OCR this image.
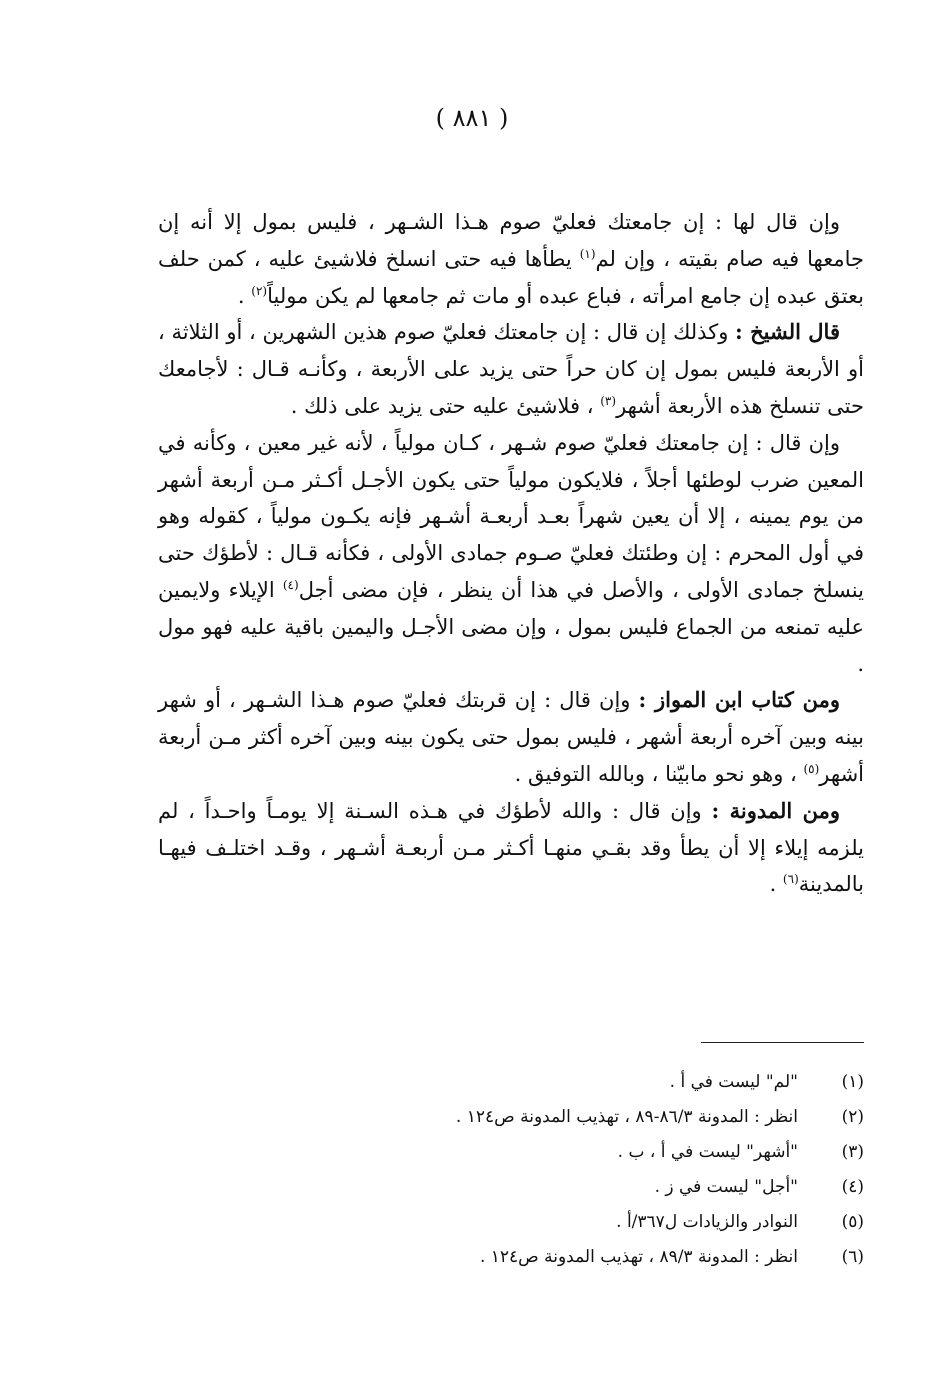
( ٨٨١ )

وإن قال لها : إن جامعتك فعليّ صوم هـذا الشـهر ، فليس بمول إلا أنه إن جامعها فيه صام بقيته ، وإن لم$^{(١)}$ يطأها فيه حتى انسلخ فلاشيئ عليه ، كمن حلف بعتق عبده إن جامع امرأته ، فباع عبده أو مات ثم جامعها لم يكن مولياً$^{(٢)}$ .

قال الشيخ : وكذلك إن قال : إن جامعتك فعليّ صوم هذين الشهرين ، أو الثلاثة ، أو الأربعة فليس بمول إن كان حراً حتى يزيد على الأربعة ، وكأنـه قـال : لأجامعك حتى تنسلخ هذه الأربعة أشهر$^{(٣)}$ ، فلاشيئ عليه حتى يزيد على ذلك .

وإن قال : إن جامعتك فعليّ صوم شـهر ، كـان مولياً ، لأنه غير معين ، وكأنه في المعين ضرب لوطئها أجلاً ، فلايكون مولياً حتى يكون الأجـل أكـثر مـن أربعة أشهر من يوم يمينه ، إلا أن يعين شهراً بعـد أربعـة أشـهر فإنه يكـون مولياً ، كقوله وهو في أول المحرم : إن وطئتك فعليّ صـوم جمادى الأولى ، فكأنه قـال : لأطؤك حتى ينسلخ جمادى الأولى ، والأصل في هذا أن ينظر ، فإن مضى أجل$^{(٤)}$ الإيلاء ولايمين عليه تمنعه من الجماع فليس بمول ، وإن مضى الأجـل واليمين باقية عليه فهو مول .

ومن كتاب ابن المواز : وإن قال : إن قربتك فعليّ صوم هـذا الشـهر ، أو شهر بينه وبين آخره أربعة أشهر ، فليس بمول حتى يكون بينه وبين آخره أكثر مـن أربعة أشهر$^{(٥)}$ ، وهو نحو مابيّنا ، وبالله التوفيق .

ومن المدونة : وإن قال : والله لأطؤك في هـذه السـنة إلا يومـاً واحـداً ، لم يلزمه إيلاء إلا أن يطأ وقد بقـي منهـا أكـثر مـن أربعـة أشـهر ، وقـد اختلـف فيهـا بالمدينة$^{(٦)}$ .

(١)
"لم" ليست في أ .
(٢)
انظر : المدونة ٨٦/٣-٨٩ ، تهذيب المدونة ص١٢٤ .
(٣)
"أشهر" ليست في أ ، ب .
(٤)
"أجل" ليست في ز .
(٥)
النوادر والزيادات ل٣٦٧/أ .
(٦)
انظر : المدونة ٨٩/٣ ، تهذيب المدونة ص١٢٤ .
